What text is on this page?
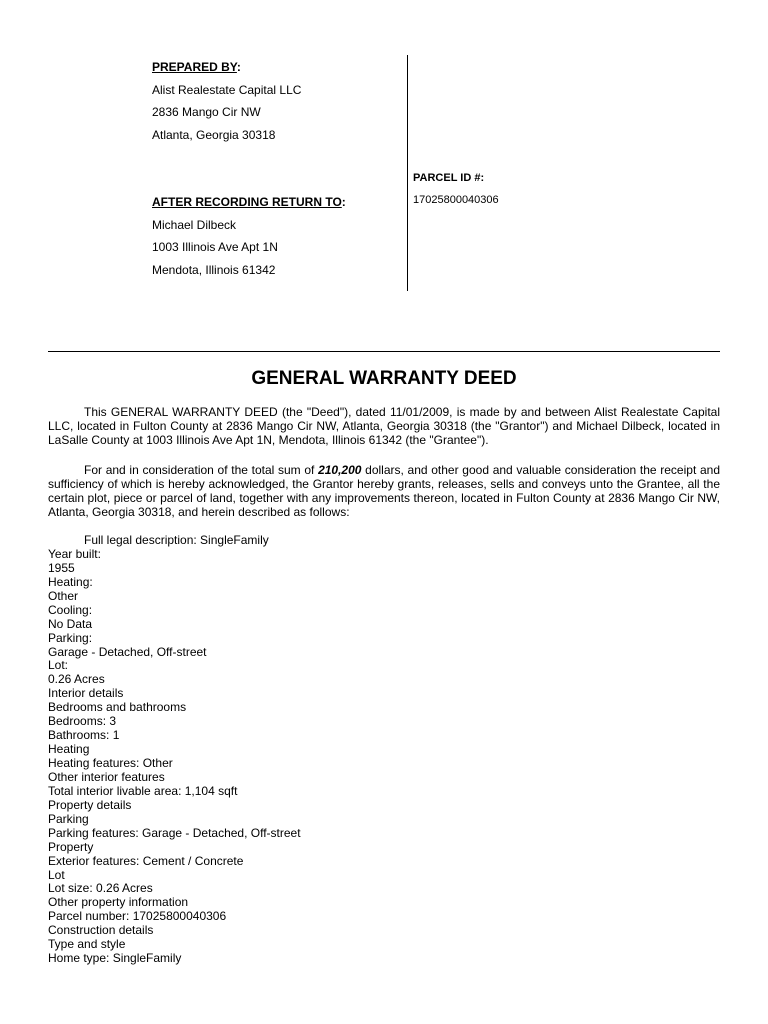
PREPARED BY:
Alist Realestate Capital LLC
2836 Mango Cir NW
Atlanta, Georgia 30318
AFTER RECORDING RETURN TO:
Michael Dilbeck
1003 Illinois Ave Apt 1N
Mendota, Illinois 61342
PARCEL ID #:
17025800040306
GENERAL WARRANTY DEED
This GENERAL WARRANTY DEED (the "Deed"), dated 11/01/2009, is made by and between Alist Realestate Capital LLC, located in Fulton County at 2836 Mango Cir NW, Atlanta, Georgia 30318 (the "Grantor") and Michael Dilbeck, located in LaSalle County at 1003 Illinois Ave Apt 1N, Mendota, Illinois 61342 (the "Grantee").
For and in consideration of the total sum of 210,200 dollars, and other good and valuable consideration the receipt and sufficiency of which is hereby acknowledged, the Grantor hereby grants, releases, sells and conveys unto the Grantee, all the certain plot, piece or parcel of land, together with any improvements thereon, located in Fulton County at 2836 Mango Cir NW, Atlanta, Georgia 30318, and herein described as follows:
Full legal description: SingleFamily
Year built:
1955
Heating:
Other
Cooling:
No Data
Parking:
Garage - Detached, Off-street
Lot:
0.26 Acres
Interior details
Bedrooms and bathrooms
Bedrooms: 3
Bathrooms: 1
Heating
Heating features: Other
Other interior features
Total interior livable area: 1,104 sqft
Property details
Parking
Parking features: Garage - Detached, Off-street
Property
Exterior features: Cement / Concrete
Lot
Lot size: 0.26 Acres
Other property information
Parcel number: 17025800040306
Construction details
Type and style
Home type: SingleFamily
